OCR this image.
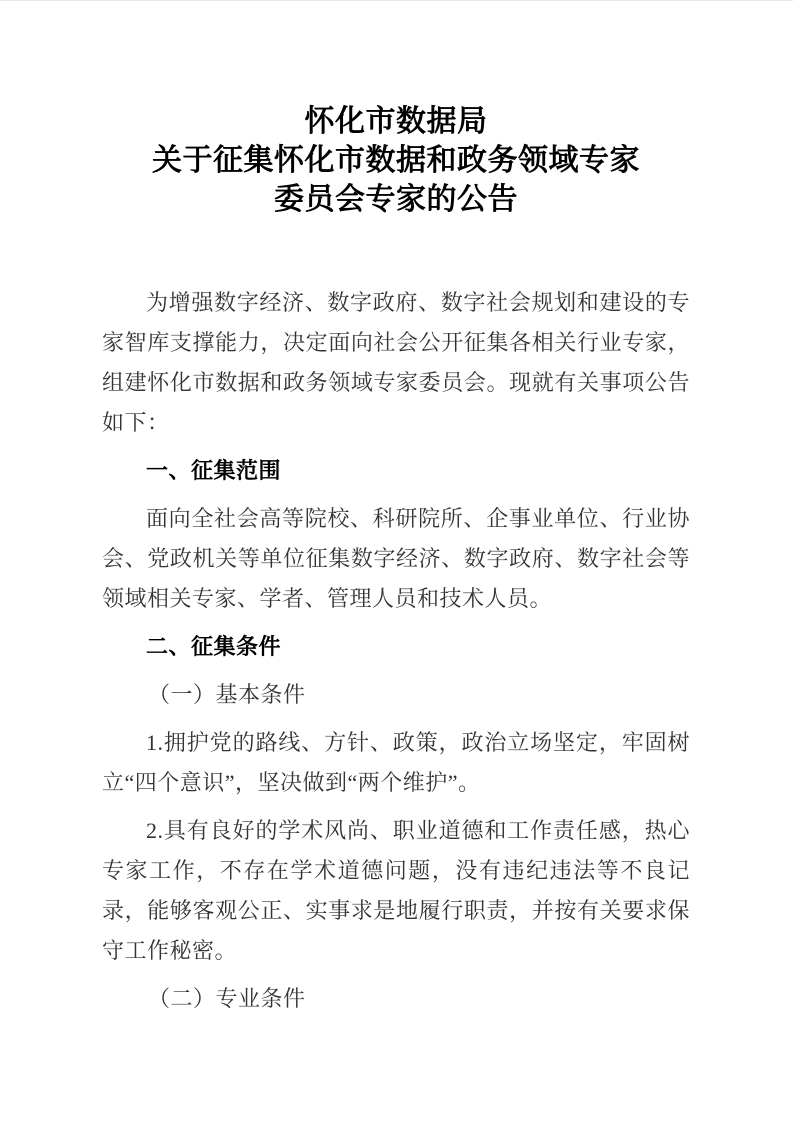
怀化市数据局
关于征集怀化市数据和政务领域专家
委员会专家的公告

为增强数字经济、数字政府、数字社会规划和建设的专家智库支撑能力，决定面向社会公开征集各相关行业专家，组建怀化市数据和政务领域专家委员会。现就有关事项公告如下：

一、征集范围

面向全社会高等院校、科研院所、企事业单位、行业协会、党政机关等单位征集数字经济、数字政府、数字社会等领域相关专家、学者、管理人员和技术人员。

二、征集条件

（一）基本条件

1.拥护党的路线、方针、政策，政治立场坚定，牢固树立“四个意识”，坚决做到“两个维护”。

2.具有良好的学术风尚、职业道德和工作责任感，热心专家工作，不存在学术道德问题，没有违纪违法等不良记录，能够客观公正、实事求是地履行职责，并按有关要求保守工作秘密。

（二）专业条件
